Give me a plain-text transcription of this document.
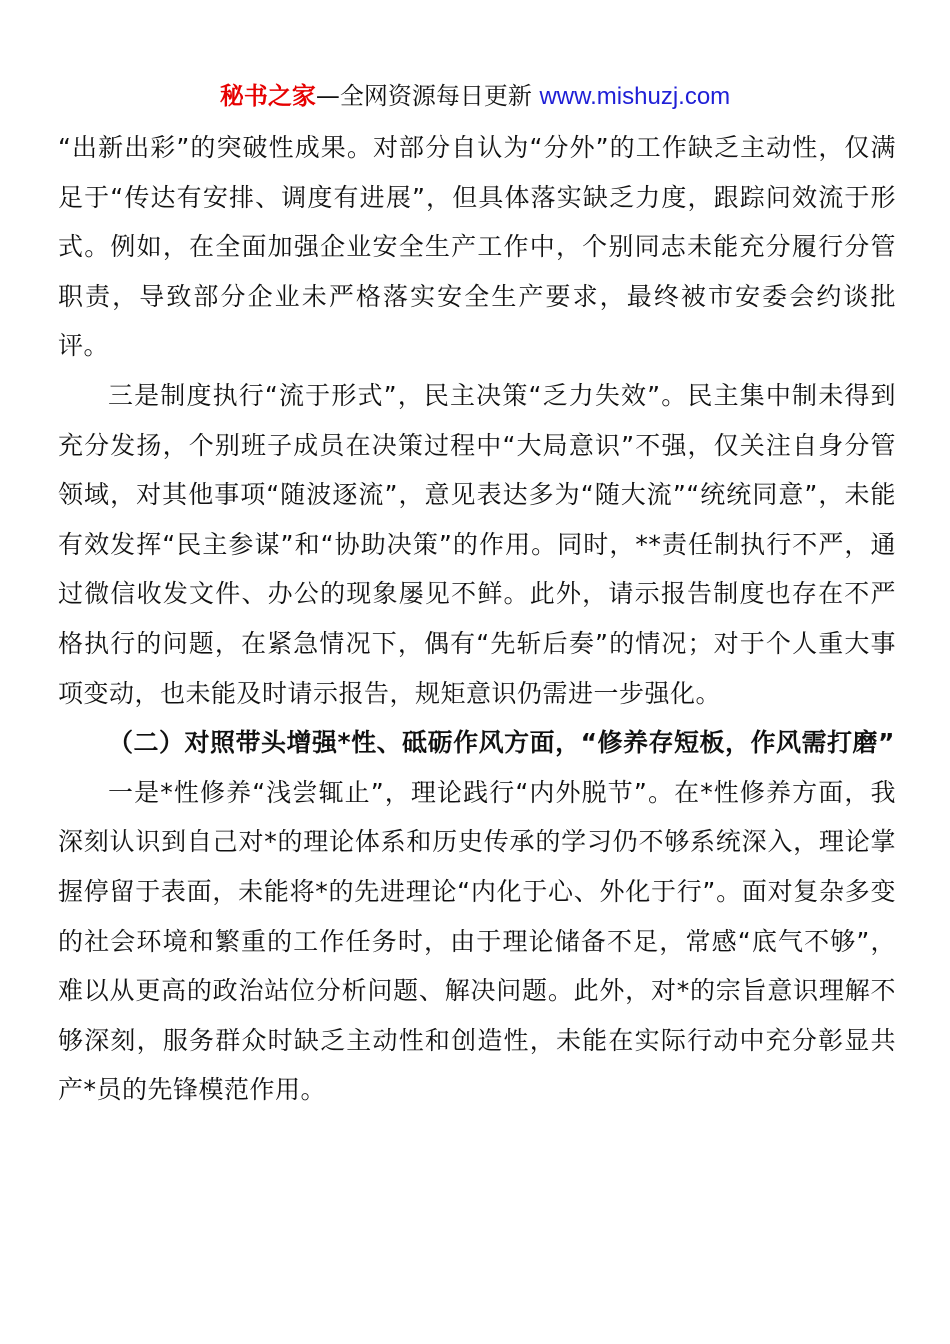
秘书之家—全网资源每日更新 www.mishuzj.com

“出新出彩”的突破性成果。对部分自认为“分外”的工作缺乏主动性，仅满足于“传达有安排、调度有进展”，但具体落实缺乏力度，跟踪问效流于形式。例如，在全面加强企业安全生产工作中，个别同志未能充分履行分管职责，导致部分企业未严格落实安全生产要求，最终被市安委会约谈批评。

三是制度执行“流于形式”，民主决策“乏力失效”。民主集中制未得到充分发扬，个别班子成员在决策过程中“大局意识”不强，仅关注自身分管领域，对其他事项“随波逐流”，意见表达多为“随大流”“统统同意”，未能有效发挥“民主参谋”和“协助决策”的作用。同时，**责任制执行不严，通过微信收发文件、办公的现象屡见不鲜。此外，请示报告制度也存在不严格执行的问题，在紧急情况下，偶有“先斩后奏”的情况；对于个人重大事项变动，也未能及时请示报告，规矩意识仍需进一步强化。

（二）对照带头增强*性、砥砺作风方面，“修养存短板，作风需打磨”

一是*性修养“浅尝辄止”，理论践行“内外脱节”。在*性修养方面，我深刻认识到自己对*的理论体系和历史传承的学习仍不够系统深入，理论掌握停留于表面，未能将*的先进理论“内化于心、外化于行”。面对复杂多变的社会环境和繁重的工作任务时，由于理论储备不足，常感“底气不够”，难以从更高的政治站位分析问题、解决问题。此外，对*的宗旨意识理解不够深刻，服务群众时缺乏主动性和创造性，未能在实际行动中充分彰显共产*员的先锋模范作用。
